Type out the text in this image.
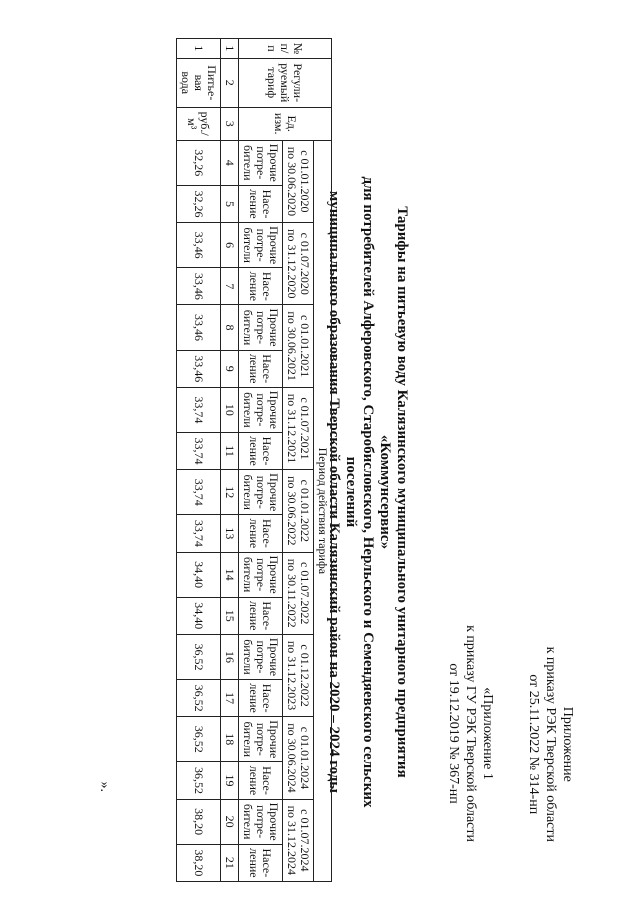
Приложение
к приказу РЭК Тверской области
от 25.11.2022 № 314-нп
«Приложение 1
к приказу ГУ РЭК Тверской области
от 19.12.2019 № 367-нп
Тарифы на питьевую воду Калязинского муниципального унитарного предприятия «Коммунсервис»
для потребителей Алферовского, Старобисловского, Нерльского и Семендяевского сельских поселений
муниципального образования Тверской области Калязинский район на 2020 – 2024 годы
№ п/п	Регули-руемый тариф	Ед. изм.	Период действия тарифа																	
			с 01.01.2020 по 30.06.2020		с 01.07.2020 по 31.12.2020		с 01.01.2021 по 30.06.2021		с 01.07.2021 по 31.12.2021		с 01.01.2022 по 30.06.2022		с 01.07.2022 по 30.11.2022		с 01.12.2022 по 31.12.2023		с 01.01.2024 по 30.06.2024		с 01.07.2024 по 31.12.2024	
			Прочие потре-бители	Насе-ление	Прочие потре-бители	Насе-ление	Прочие потре-бители	Насе-ление	Прочие потре-бители	Насе-ление	Прочие потре-бители	Насе-ление	Прочие потре-бители	Насе-ление	Прочие потре-бители	Насе-ление	Прочие потре-бители	Насе-ление	Прочие потре-бители	Насе-ление
1	2	3	4	5	6	7	8	9	10	11	12	13	14	15	16	17	18	19	20	21
1	Питье-вая вода	руб./м³	32,26	32,26	33,46	33,46	33,46	33,46	33,74	33,74	33,74	33,74	34,40	34,40	36,52	36,52	36,52	36,52	38,20	38,20
».
